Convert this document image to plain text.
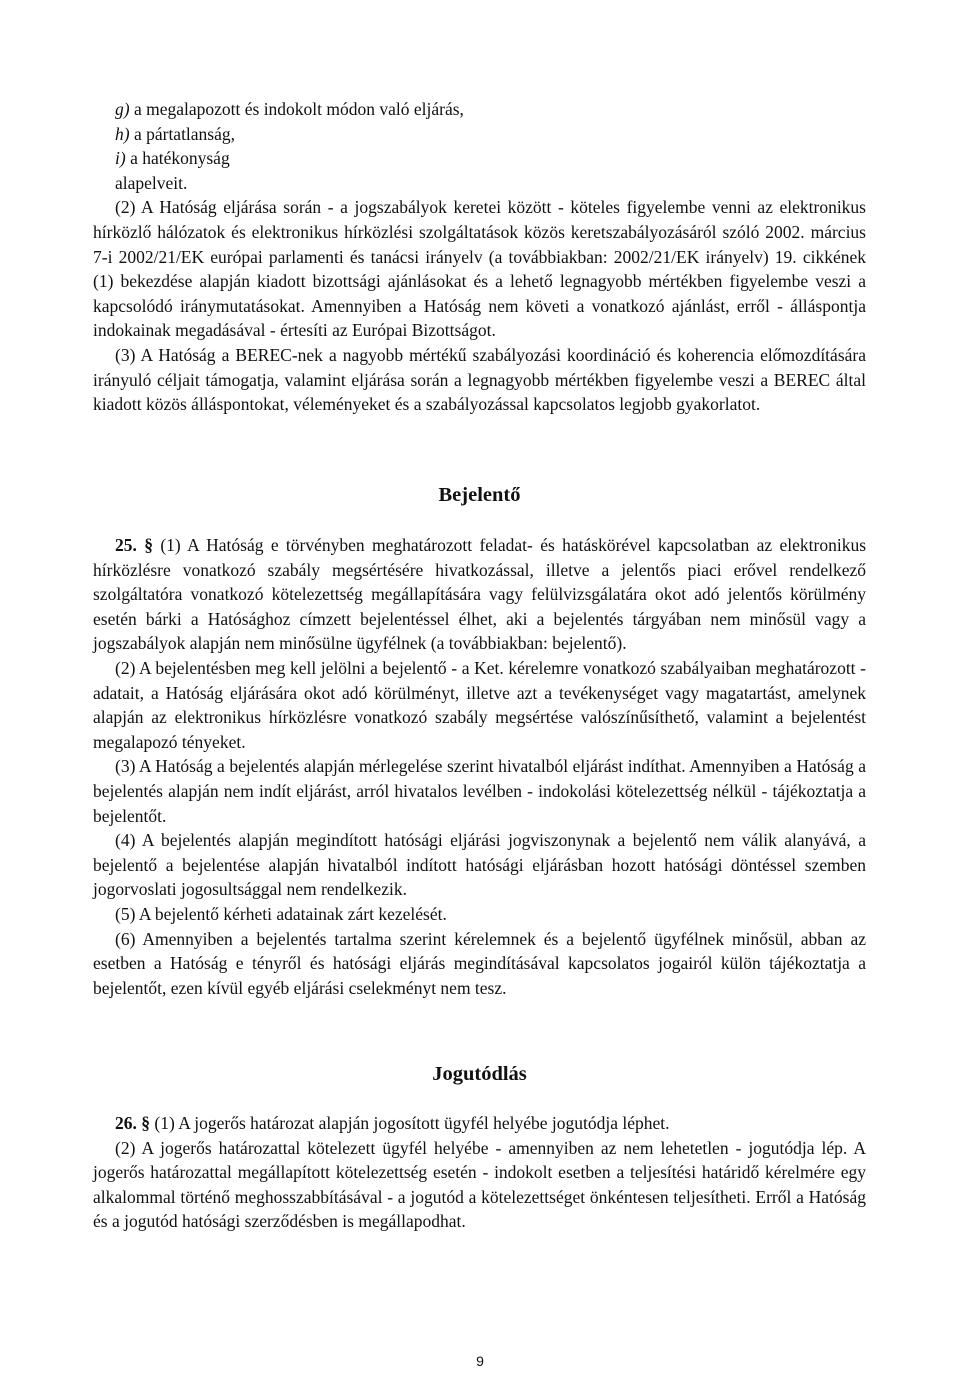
g) a megalapozott és indokolt módon való eljárás,

h) a pártatlanság,

i) a hatékonyság

alapelveit.

(2) A Hatóság eljárása során - a jogszabályok keretei között - köteles figyelembe venni az elektronikus hírközlő hálózatok és elektronikus hírközlési szolgáltatások közös keretszabályozásáról szóló 2002. március 7-i 2002/21/EK európai parlamenti és tanácsi irányelv (a továbbiakban: 2002/21/EK irányelv) 19. cikkének (1) bekezdése alapján kiadott bizottsági ajánlásokat és a lehető legnagyobb mértékben figyelembe veszi a kapcsolódó iránymutatásokat. Amennyiben a Hatóság nem követi a vonatkozó ajánlást, erről - álláspontja indokainak megadásával - értesíti az Európai Bizottságot.

(3) A Hatóság a BEREC-nek a nagyobb mértékű szabályozási koordináció és koherencia előmozdítására irányuló céljait támogatja, valamint eljárása során a legnagyobb mértékben figyelembe veszi a BEREC által kiadott közös álláspontokat, véleményeket és a szabályozással kapcsolatos legjobb gyakorlatot.

Bejelentő

25. § (1) A Hatóság e törvényben meghatározott feladat- és hatáskörével kapcsolatban az elektronikus hírközlésre vonatkozó szabály megsértésére hivatkozással, illetve a jelentős piaci erővel rendelkező szolgáltatóra vonatkozó kötelezettség megállapítására vagy felülvizsgálatára okot adó jelentős körülmény esetén bárki a Hatósághoz címzett bejelentéssel élhet, aki a bejelentés tárgyában nem minősül vagy a jogszabályok alapján nem minősülne ügyfélnek (a továbbiakban: bejelentő).

(2) A bejelentésben meg kell jelölni a bejelentő - a Ket. kérelemre vonatkozó szabályaiban meghatározott - adatait, a Hatóság eljárására okot adó körülményt, illetve azt a tevékenységet vagy magatartást, amelynek alapján az elektronikus hírközlésre vonatkozó szabály megsértése valószínűsíthető, valamint a bejelentést megalapozó tényeket.

(3) A Hatóság a bejelentés alapján mérlegelése szerint hivatalból eljárást indíthat. Amennyiben a Hatóság a bejelentés alapján nem indít eljárást, arról hivatalos levélben - indokolási kötelezettség nélkül - tájékoztatja a bejelentőt.

(4) A bejelentés alapján megindított hatósági eljárási jogviszonynak a bejelentő nem válik alanyává, a bejelentő a bejelentése alapján hivatalból indított hatósági eljárásban hozott hatósági döntéssel szemben jogorvoslati jogosultsággal nem rendelkezik.

(5) A bejelentő kérheti adatainak zárt kezelését.

(6) Amennyiben a bejelentés tartalma szerint kérelemnek és a bejelentő ügyfélnek minősül, abban az esetben a Hatóság e tényről és hatósági eljárás megindításával kapcsolatos jogairól külön tájékoztatja a bejelentőt, ezen kívül egyéb eljárási cselekményt nem tesz.

Jogutódlás

26. § (1) A jogerős határozat alapján jogosított ügyfél helyébe jogutódja léphet.

(2) A jogerős határozattal kötelezett ügyfél helyébe - amennyiben az nem lehetetlen - jogutódja lép. A jogerős határozattal megállapított kötelezettség esetén - indokolt esetben a teljesítési határidő kérelmére egy alkalommal történő meghosszabbításával - a jogutód a kötelezettséget önkéntesen teljesítheti. Erről a Hatóság és a jogutód hatósági szerződésben is megállapodhat.

9
